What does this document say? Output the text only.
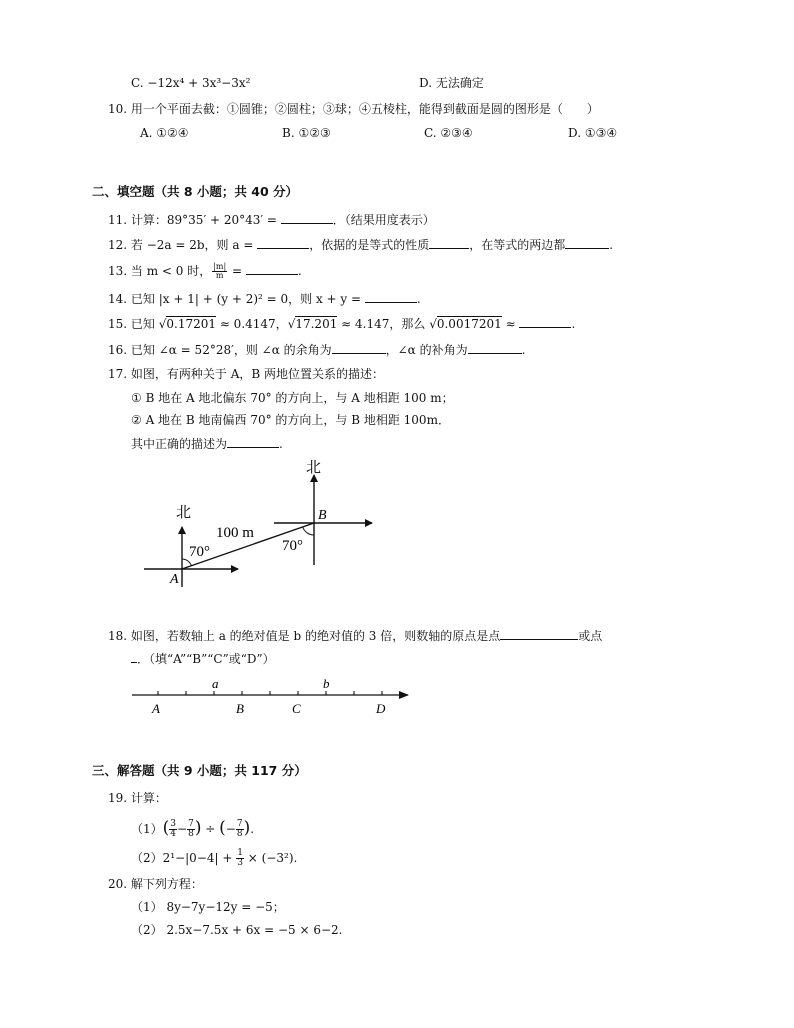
C. −12x⁴ + 3x³−3x²	D. 无法确定
10. 用一个平面去截：①圆锥；②圆柱；③球；④五棱柱，能得到截面是圆的图形是（　　）
A. ①②④	B. ①②③	C. ②③④	D. ①③④
二、填空题（共 8 小题；共 40 分）
11. 计算：89°35′ + 20°43′ =	．（结果用度表示）
12. 若 −2a = 2b，则 a =	，依据的是等式的性质	，在等式的两边都	.
13. 当 m < 0 时， $\frac{|m|}{m}$ =	.
14. 已知 |x + 1| + (y + 2)² = 0，则 x + y =	.
15. 已知 √0.17201 ≈ 0.4147，√17.201 ≈ 4.147，那么 √0.0017201 ≈	.
16. 已知 ∠α = 52°28′，则 ∠α 的余角为	，∠α 的补角为	.
17. 如图，有两种关于 A，B 两地位置关系的描述：
① B 地在 A 地北偏东 70° 的方向上，与 A 地相距 100 m；
② A 地在 B 地南偏西 70° 的方向上，与 B 地相距 100m．
其中正确的描述为	.
北
北
A
B
100 m
70°	70°
18. 如图，若数轴上 a 的绝对值是 b 的绝对值的 3 倍，则数轴的原点是点	或点
．（填“A”“B”“C”或“D”）
a	b
A	B	C	D
三、解答题（共 9 小题；共 117 分）
19. 计算：
$(1)( \frac{3}{4} - \frac{7}{8}$ ) ÷ (− $\frac{7}{8}$ ).
$(2)2^1-|0-4| + \frac{1}{3} \times (-3^2)$.
20. 解下列方程：
（1） 8y−7y−12y = −5；
（2） 2.5x−7.5x + 6x = −5 × 6−2.
